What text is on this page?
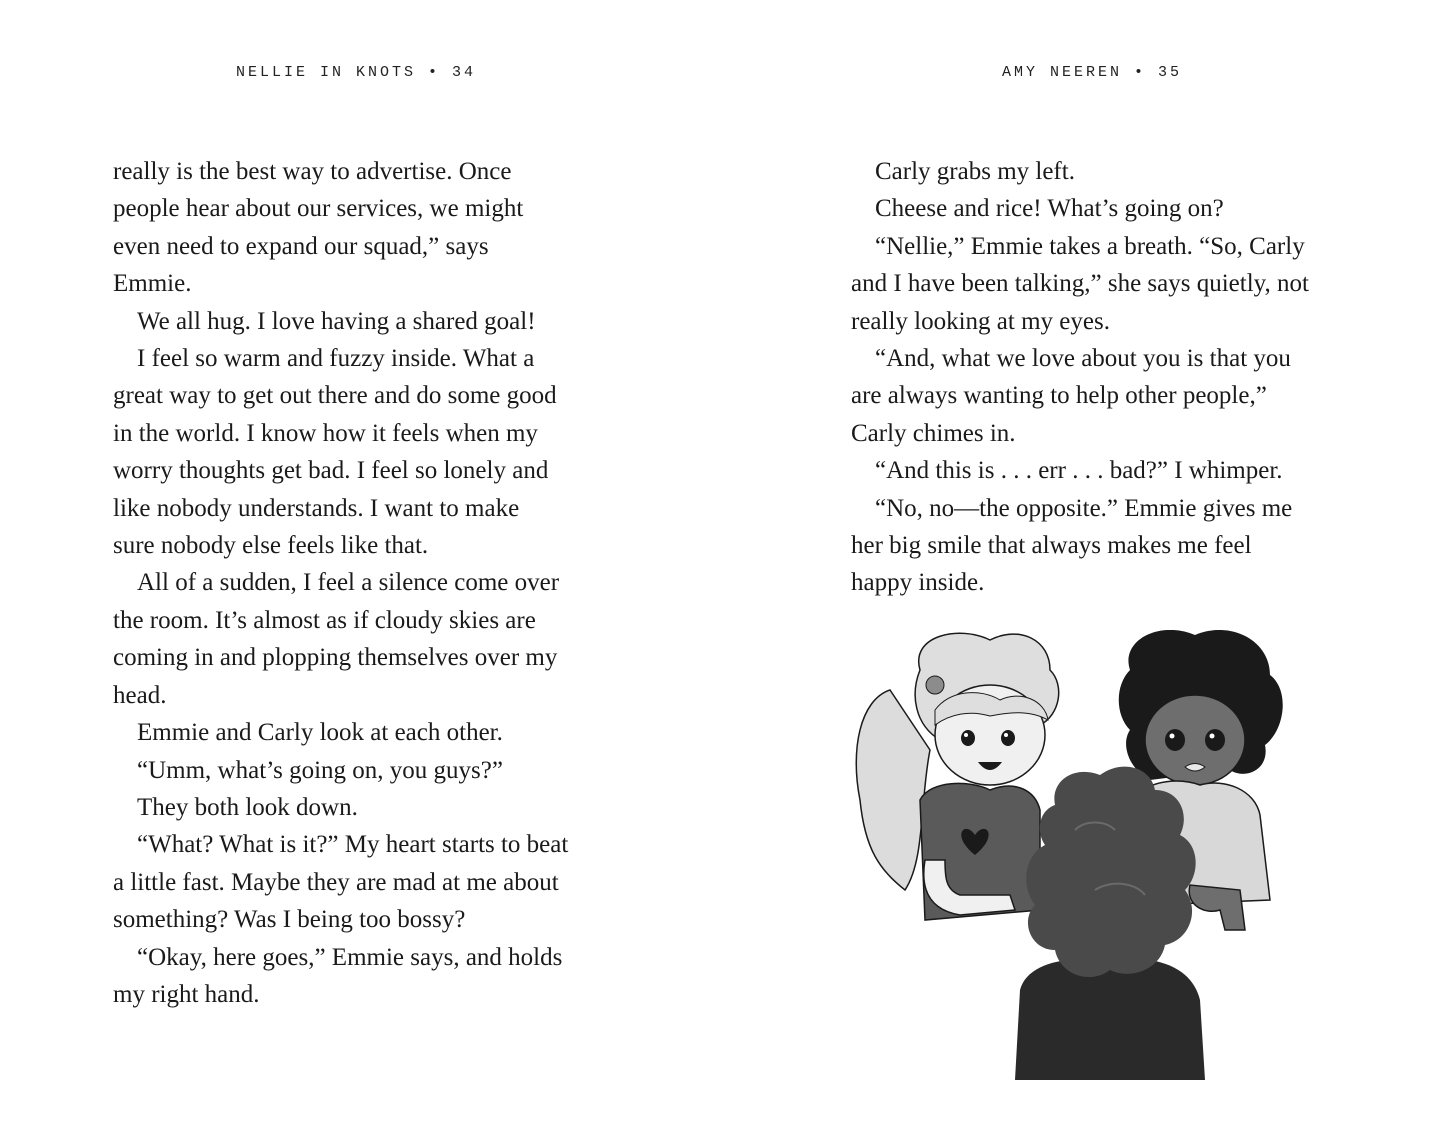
NELLIE IN KNOTS • 34

really is the best way to advertise. Once
people hear about our services, we might
even need to expand our squad,” says
Emmie.

We all hug. I love having a shared goal!

I feel so warm and fuzzy inside. What a
great way to get out there and do some good
in the world. I know how it feels when my
worry thoughts get bad. I feel so lonely and
like nobody understands. I want to make
sure nobody else feels like that.

All of a sudden, I feel a silence come over
the room. It’s almost as if cloudy skies are
coming in and plopping themselves over my
head.

Emmie and Carly look at each other.

“Umm, what’s going on, you guys?”

They both look down.

“What? What is it?” My heart starts to beat
a little fast. Maybe they are mad at me about
something? Was I being too bossy?

“Okay, here goes,” Emmie says, and holds
my right hand.

AMY NEEREN • 35

Carly grabs my left.

Cheese and rice! What’s going on?

“Nellie,” Emmie takes a breath. “So, Carly
and I have been talking,” she says quietly, not
really looking at my eyes.

“And, what we love about you is that you
are always wanting to help other people,”
Carly chimes in.

“And this is . . . err . . . bad?” I whimper.

“No, no—the opposite.” Emmie gives me
her big smile that always makes me feel
happy inside.
